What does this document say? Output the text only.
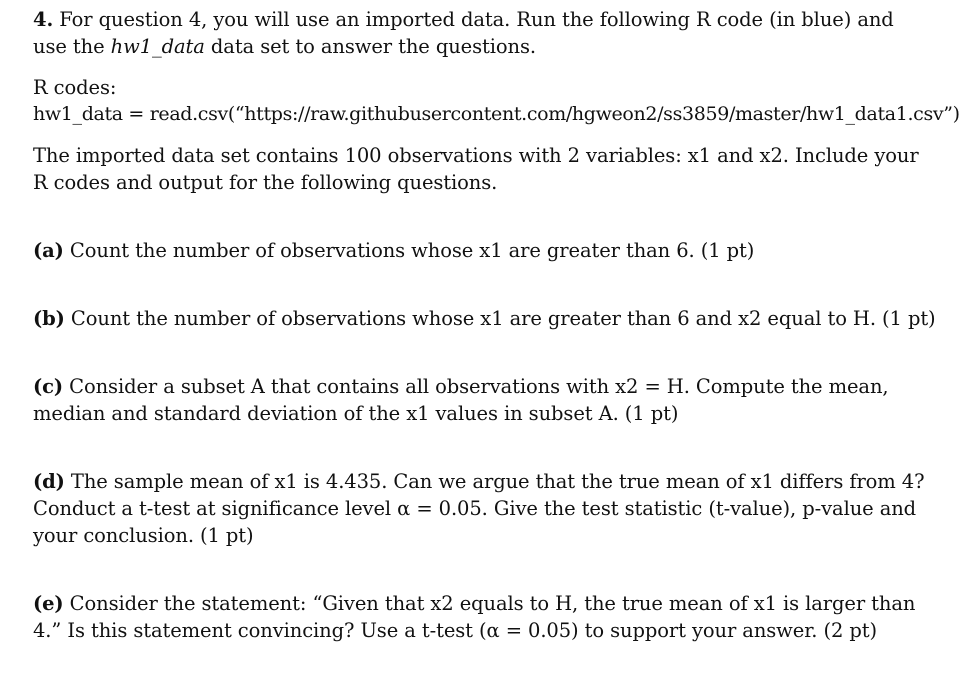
4. For question 4, you will use an imported data. Run the following R code (in blue) and
use the hw1_data data set to answer the questions.
R codes:
hw1_data = read.csv(“https://raw.githubusercontent.com/hgweon2/ss3859/master/hw1_data1.csv”)
The imported data set contains 100 observations with 2 variables: x1 and x2. Include your
R codes and output for the following questions.
(a) Count the number of observations whose x1 are greater than 6. (1 pt)
(b) Count the number of observations whose x1 are greater than 6 and x2 equal to H. (1 pt)
(c) Consider a subset A that contains all observations with x2 = H. Compute the mean,
median and standard deviation of the x1 values in subset A. (1 pt)
(d) The sample mean of x1 is 4.435. Can we argue that the true mean of x1 differs from 4?
Conduct a t-test at significance level α = 0.05. Give the test statistic (t-value), p-value and
your conclusion. (1 pt)
(e) Consider the statement: “Given that x2 equals to H, the true mean of x1 is larger than
4.” Is this statement convincing? Use a t-test (α = 0.05) to support your answer. (2 pt)
